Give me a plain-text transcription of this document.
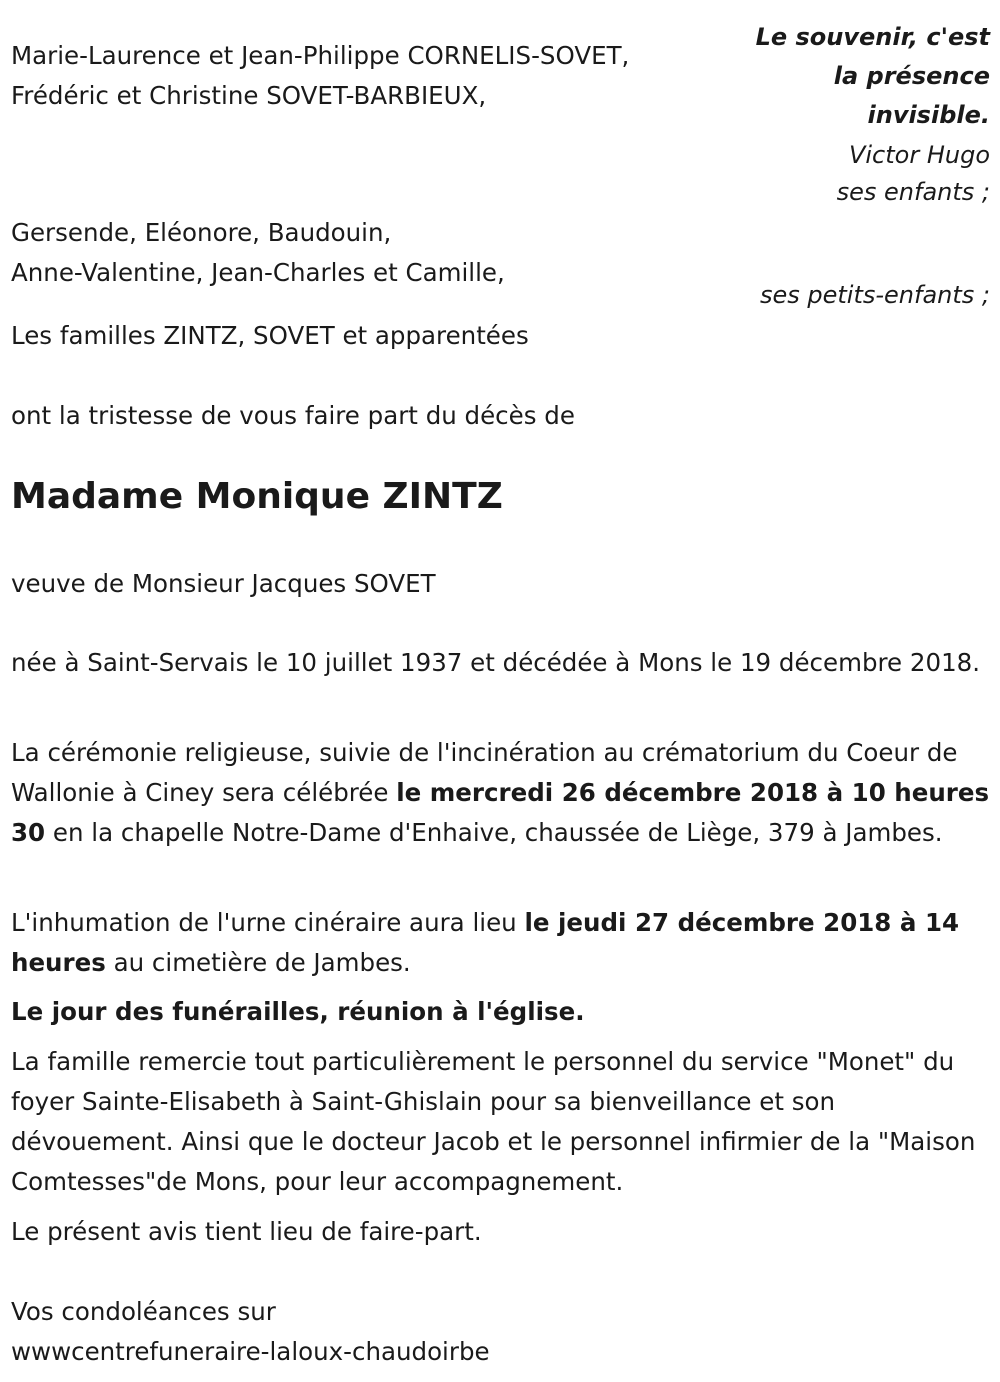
Marie-Laurence et Jean-Philippe CORNELIS-SOVET,

Frédéric et Christine SOVET-BARBIEUX,

Le souvenir, c'est
la présence
invisible.
Victor Hugo
ses enfants ;

Gersende, Eléonore, Baudouin,

Anne-Valentine, Jean-Charles et Camille,

ses petits-enfants ;

Les familles ZINTZ, SOVET et apparentées

ont la tristesse de vous faire part du décès de

Madame Monique ZINTZ

veuve de Monsieur Jacques SOVET

née à Saint-Servais le 10 juillet 1937 et décédée à Mons le 19 décembre 2018.

La cérémonie religieuse, suivie de l'incinération au crématorium du Coeur de Wallonie à Ciney sera célébrée le mercredi 26 décembre 2018 à 10 heures 30 en la chapelle Notre-Dame d'Enhaive, chaussée de Liège, 379 à Jambes.

L'inhumation de l'urne cinéraire aura lieu le jeudi 27 décembre 2018 à 14 heures au cimetière de Jambes.

Le jour des funérailles, réunion à l'église.

La famille remercie tout particulièrement le personnel du service "Monet" du foyer Sainte-Elisabeth à Saint-Ghislain pour sa bienveillance et son dévouement. Ainsi que le docteur Jacob et le personnel infirmier de la "Maison Comtesses"de Mons, pour leur accompagnement.

Le présent avis tient lieu de faire-part.

Vos condoléances sur

wwwcentrefuneraire-laloux-chaudoirbe
